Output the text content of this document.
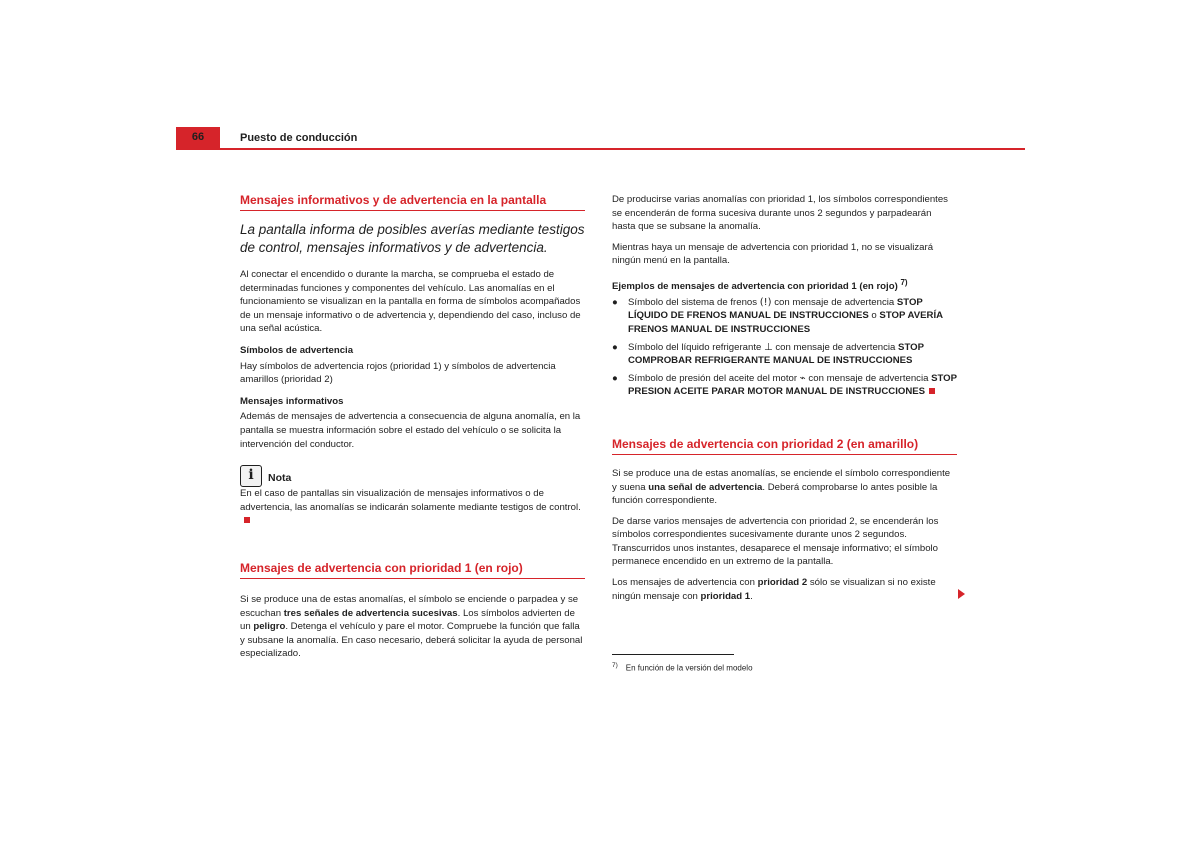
66	Puesto de conducción
Mensajes informativos y de advertencia en la pantalla
La pantalla informa de posibles averías mediante testigos de control, mensajes informativos y de advertencia.
Al conectar el encendido o durante la marcha, se comprueba el estado de determinadas funciones y componentes del vehículo. Las anomalías en el funcionamiento se visualizan en la pantalla en forma de símbolos acompañados de un mensaje informativo o de advertencia y, dependiendo del caso, incluso de una señal acústica.
Símbolos de advertencia
Hay símbolos de advertencia rojos (prioridad 1) y símbolos de advertencia amarillos (prioridad 2)
Mensajes informativos
Además de mensajes de advertencia a consecuencia de alguna anomalía, en la pantalla se muestra información sobre el estado del vehículo o se solicita la intervención del conductor.
i	Nota
En el caso de pantallas sin visualización de mensajes informativos o de advertencia, las anomalías se indicarán solamente mediante testigos de control.
Mensajes de advertencia con prioridad 1 (en rojo)
Si se produce una de estas anomalías, el símbolo se enciende o parpadea y se escuchan tres señales de advertencia sucesivas. Los símbolos advierten de un peligro. Detenga el vehículo y pare el motor. Compruebe la función que falla y subsane la anomalía. En caso necesario, deberá solicitar la ayuda de personal especializado.
De producirse varias anomalías con prioridad 1, los símbolos correspondientes se encenderán de forma sucesiva durante unos 2 segundos y parpadearán hasta que se subsane la anomalía.
Mientras haya un mensaje de advertencia con prioridad 1, no se visualizará ningún menú en la pantalla.
Ejemplos de mensajes de advertencia con prioridad 1 (en rojo) $^{7)}$
●	Símbolo del sistema de frenos (!) con mensaje de advertencia STOP LÍQUIDO DE FRENOS MANUAL DE INSTRUCCIONES o STOP AVERÍA FRENOS MANUAL DE INSTRUCCIONES
●	Símbolo del líquido refrigerante ⊥ con mensaje de advertencia STOP COMPROBAR REFRIGERANTE MANUAL DE INSTRUCCIONES
●	Símbolo de presión del aceite del motor ⌁ con mensaje de advertencia STOP PRESION ACEITE PARAR MOTOR MANUAL DE INSTRUCCIONES
Mensajes de advertencia con prioridad 2 (en amarillo)
Si se produce una de estas anomalías, se enciende el símbolo correspondiente y suena una señal de advertencia. Deberá comprobarse lo antes posible la función correspondiente.
De darse varios mensajes de advertencia con prioridad 2, se encenderán los símbolos correspondientes sucesivamente durante unos 2 segundos. Transcurridos unos instantes, desaparece el mensaje informativo; el símbolo permanece encendido en un extremo de la pantalla.
Los mensajes de advertencia con prioridad 2 sólo se visualizan si no existe ningún mensaje con prioridad 1.
$^{7)}$ En función de la versión del modelo
